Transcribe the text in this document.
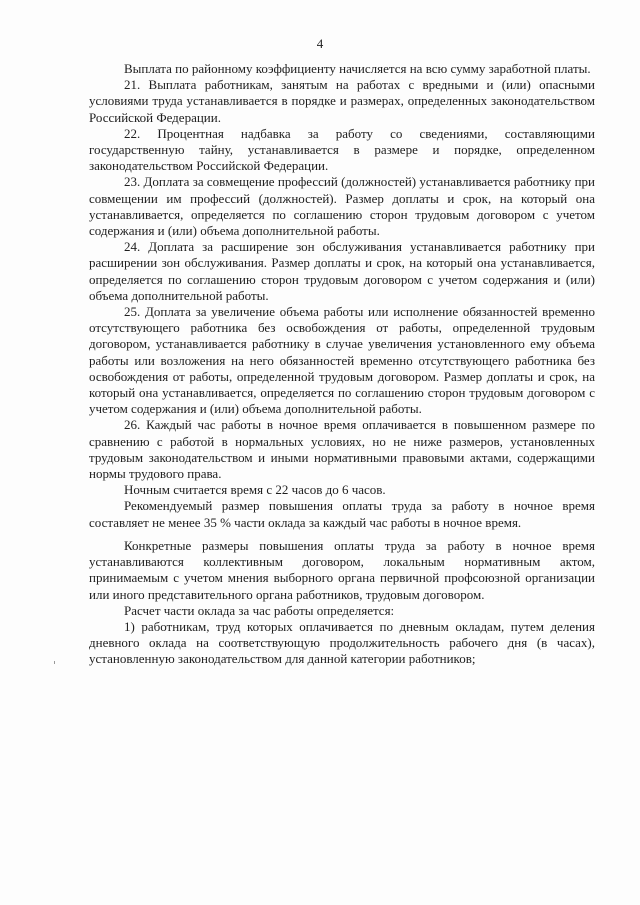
4

Выплата по районному коэффициенту начисляется на всю сумму заработной платы.

21. Выплата работникам, занятым на работах с вредными и (или) опасными условиями труда устанавливается в порядке и размерах, определенных законодательством Российской Федерации.

22. Процентная надбавка за работу со сведениями, составляющими государственную тайну, устанавливается в размере и порядке, определенном законодательством Российской Федерации.

23. Доплата за совмещение профессий (должностей) устанавливается работнику при совмещении им профессий (должностей). Размер доплаты и срок, на который она устанавливается, определяется по соглашению сторон трудовым договором с учетом содержания и (или) объема дополнительной работы.

24. Доплата за расширение зон обслуживания устанавливается работнику при расширении зон обслуживания. Размер доплаты и срок, на который она устанавливается, определяется по соглашению сторон трудовым договором с учетом содержания и (или) объема дополнительной работы.

25. Доплата за увеличение объема работы или исполнение обязанностей временно отсутствующего работника без освобождения от работы, определенной трудовым договором, устанавливается работнику в случае увеличения установленного ему объема работы или возложения на него обязанностей временно отсутствующего работника без освобождения от работы, определенной трудовым договором. Размер доплаты и срок, на который она устанавливается, определяется по соглашению сторон трудовым договором с учетом содержания и (или) объема дополнительной работы.

26. Каждый час работы в ночное время оплачивается в повышенном размере по сравнению с работой в нормальных условиях, но не ниже размеров, установленных трудовым законодательством и иными нормативными правовыми актами, содержащими нормы трудового права.

Ночным считается время с 22 часов до 6 часов.

Рекомендуемый размер повышения оплаты труда за работу в ночное время составляет не менее 35 % части оклада за каждый час работы в ночное время.

Конкретные размеры повышения оплаты труда за работу в ночное время устанавливаются коллективным договором, локальным нормативным актом, принимаемым с учетом мнения выборного органа первичной профсоюзной организации или иного представительного органа работников, трудовым договором.

Расчет части оклада за час работы определяется:

1) работникам, труд которых оплачивается по дневным окладам, путем деления дневного оклада на соответствующую продолжительность рабочего дня (в часах), установленную законодательством для данной категории работников;
